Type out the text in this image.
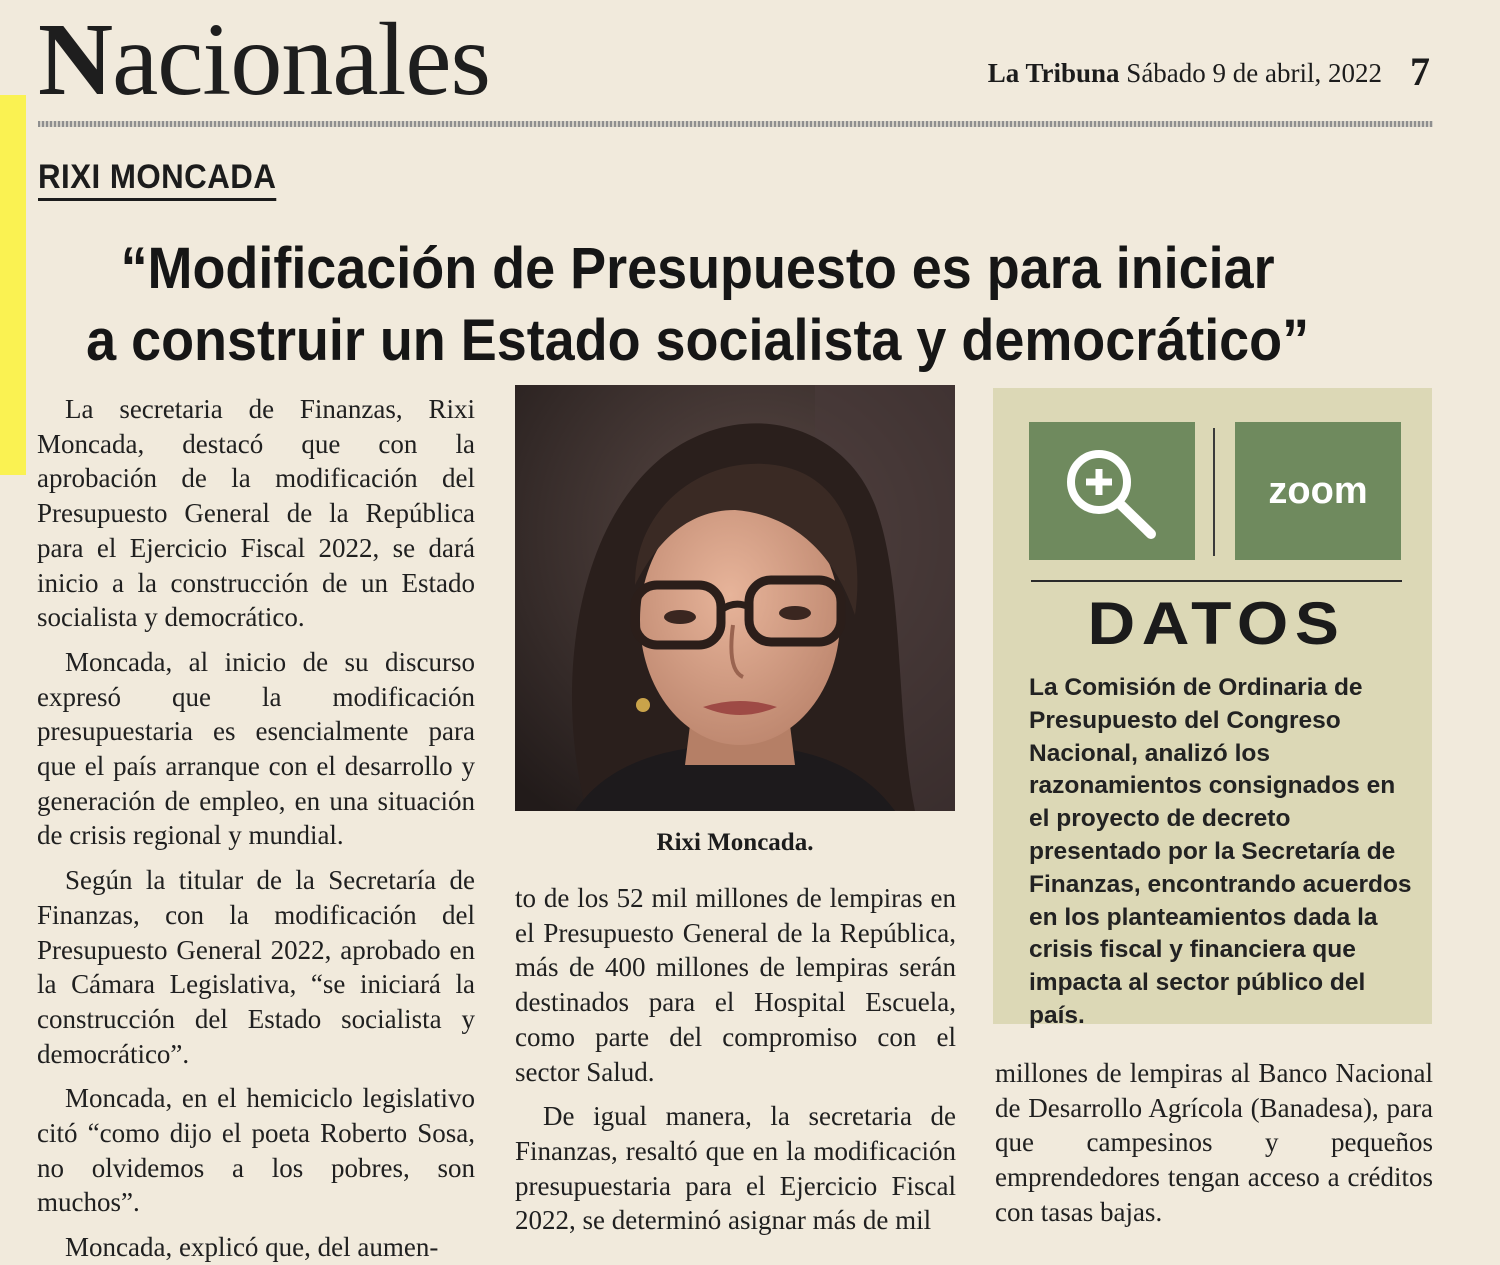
Nacionales	La Tribuna Sábado 9 de abril, 2022 7
RIXI MONCADA
“Modificación de Presupuesto es para iniciar
a construir un Estado socialista y democrático”

La secretaria de Finanzas, Rixi Moncada, destacó que con la aprobación de la modificación del Presupuesto General de la República para el Ejercicio Fiscal 2022, se dará inicio a la construcción de un Estado socialista y democrático.

Moncada, al inicio de su discurso expresó que la modificación presupuestaria es esencialmente para que el país arranque con el desarrollo y generación de empleo, en una situación de crisis regional y mundial.

Según la titular de la Secretaría de Finanzas, con la modificación del Presupuesto General 2022, aprobado en la Cámara Legislativa, “se iniciará la construcción del Estado socialista y democrático”.

Moncada, en el hemiciclo legislativo citó “como dijo el poeta Roberto Sosa, no olvidemos a los pobres, son muchos”.

Moncada, explicó que, del aumen-

Rixi Moncada.

to de los 52 mil millones de lempiras en el Presupuesto General de la República, más de 400 millones de lempiras serán destinados para el Hospital Escuela, como parte del compromiso con el sector Salud.

De igual manera, la secretaria de Finanzas, resaltó que en la modificación presupuestaria para el Ejercicio Fiscal 2022, se determinó asignar más de mil

zoom
DATOS
La Comisión de Ordinaria de Presupuesto del Congreso Nacional, analizó los razonamientos consignados en el proyecto de decreto presentado por la Secretaría de Finanzas, encontrando acuerdos en los planteamientos dada la crisis fiscal y financiera que impacta al sector público del país.

millones de lempiras al Banco Nacional de Desarrollo Agrícola (Banadesa), para que campesinos y pequeños emprendedores tengan acceso a créditos con tasas bajas.
